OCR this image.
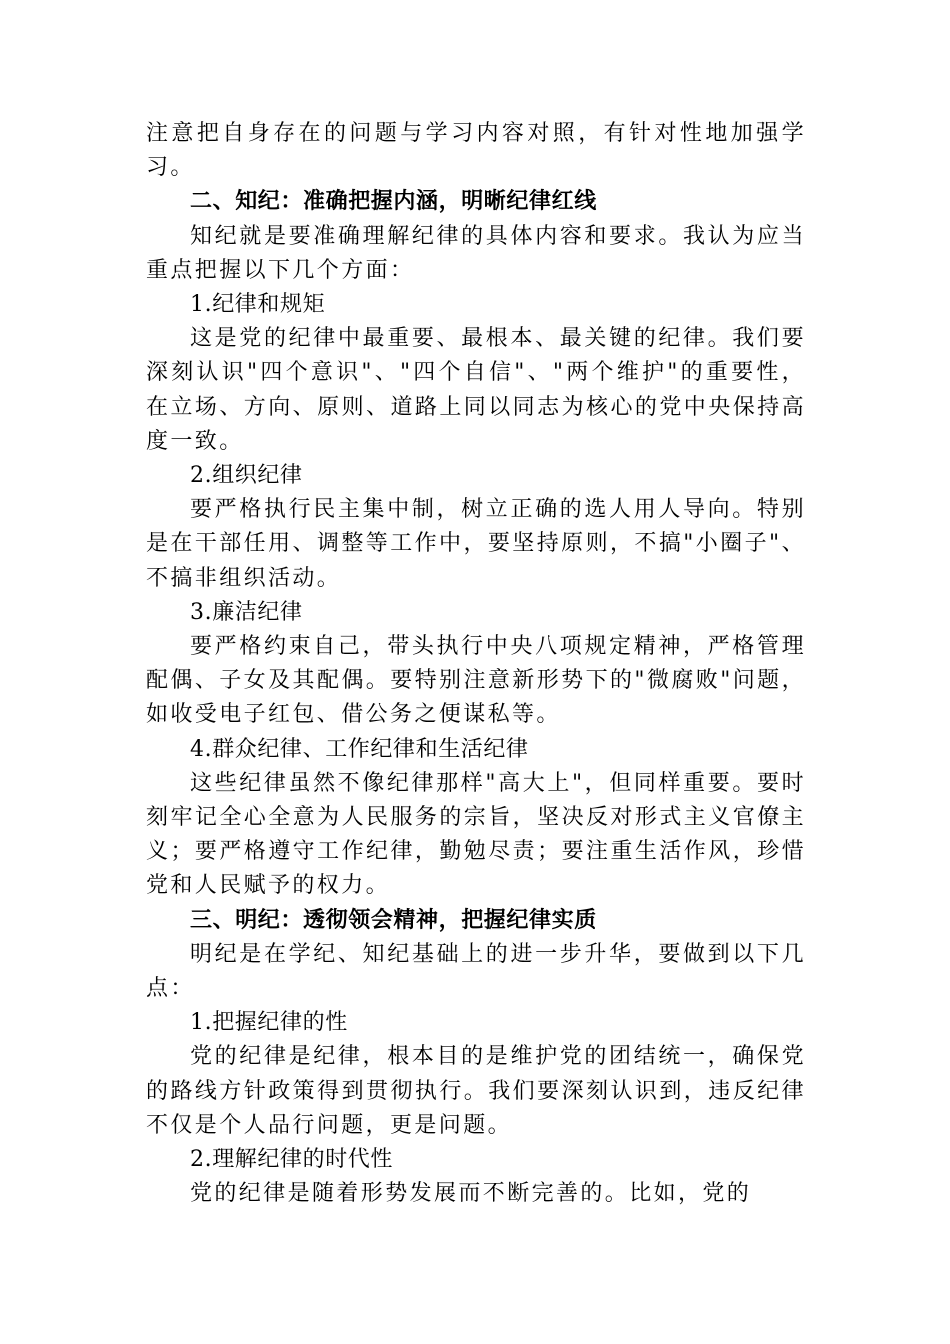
注意把自身存在的问题与学习内容对照，有针对性地加强学习。

二、知纪：准确把握内涵，明晰纪律红线

知纪就是要准确理解纪律的具体内容和要求。我认为应当重点把握以下几个方面：

1.纪律和规矩

这是党的纪律中最重要、最根本、最关键的纪律。我们要深刻认识"四个意识"、"四个自信"、"两个维护"的重要性，在立场、方向、原则、道路上同以同志为核心的党中央保持高度一致。

2.组织纪律

要严格执行民主集中制，树立正确的选人用人导向。特别是在干部任用、调整等工作中，要坚持原则，不搞"小圈子"、不搞非组织活动。

3.廉洁纪律

要严格约束自己，带头执行中央八项规定精神，严格管理配偶、子女及其配偶。要特别注意新形势下的"微腐败"问题，如收受电子红包、借公务之便谋私等。

4.群众纪律、工作纪律和生活纪律

这些纪律虽然不像纪律那样"高大上"，但同样重要。要时刻牢记全心全意为人民服务的宗旨，坚决反对形式主义官僚主义；要严格遵守工作纪律，勤勉尽责；要注重生活作风，珍惜党和人民赋予的权力。

三、明纪：透彻领会精神，把握纪律实质

明纪是在学纪、知纪基础上的进一步升华，要做到以下几点：

1.把握纪律的性

党的纪律是纪律，根本目的是维护党的团结统一，确保党的路线方针政策得到贯彻执行。我们要深刻认识到，违反纪律不仅是个人品行问题，更是问题。

2.理解纪律的时代性

党的纪律是随着形势发展而不断完善的。比如，党的
